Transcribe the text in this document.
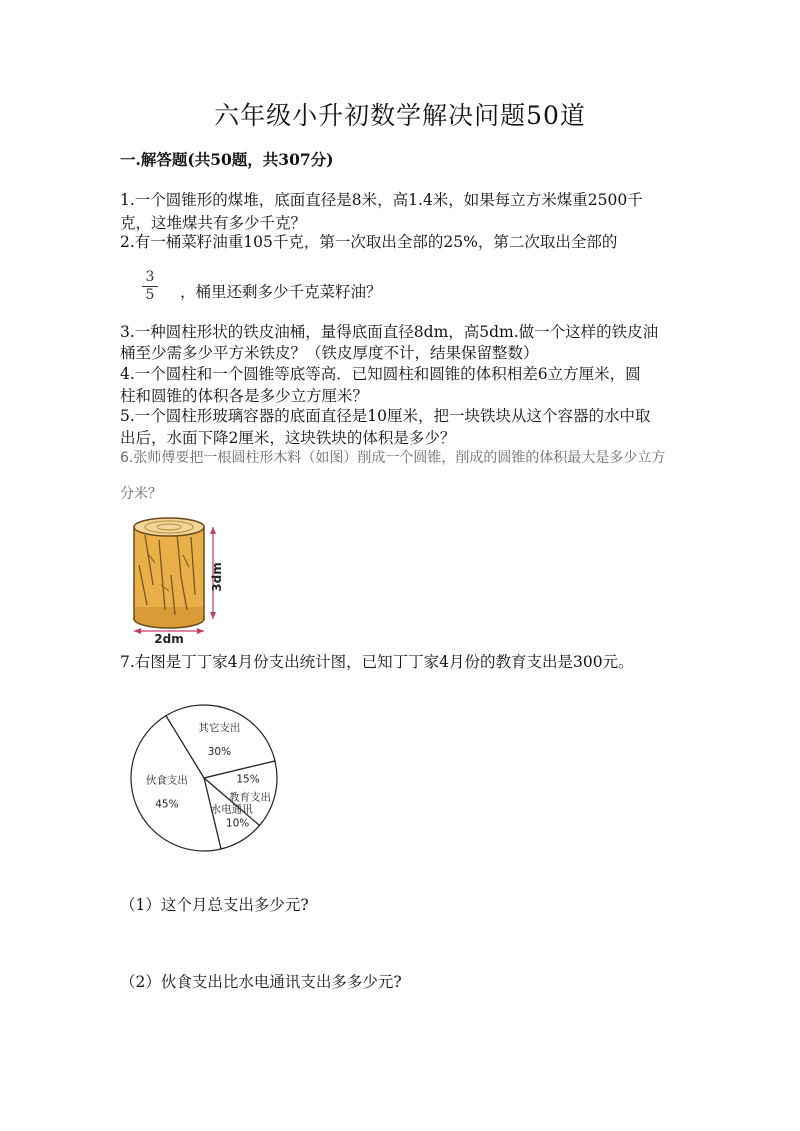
六年级小升初数学解决问题50道
一.解答题(共50题，共307分)
1.一个圆锥形的煤堆，底面直径是8米，高1.4米，如果每立方米煤重2500千
克，这堆煤共有多少千克？
2.有一桶菜籽油重105千克，第一次取出全部的25%，第二次取出全部的
3
5 ，桶里还剩多少千克菜籽油？
3.一种圆柱形状的铁皮油桶，量得底面直径8dm，高5dm.做一个这样的铁皮油
桶至少需多少平方米铁皮？（铁皮厚度不计，结果保留整数）
4.一个圆柱和一个圆锥等底等高．已知圆柱和圆锥的体积相差6立方厘米，圆
柱和圆锥的体积各是多少立方厘米？
5.一个圆柱形玻璃容器的底面直径是10厘米，把一块铁块从这个容器的水中取
出后，水面下降2厘米，这块铁块的体积是多少？
6.张师傅要把一根圆柱形木料（如图）削成一个圆锥，削成的圆锥的体积最大是多少立方
分米？
3dm
2dm
7.右图是丁丁家4月份支出统计图，已知丁丁家4月份的教育支出是300元。
其它支出
30%
教育支出
15%
水电通讯
10%
伙食支出
45%
（1）这个月总支出多少元?
（2）伙食支出比水电通讯支出多多少元?
